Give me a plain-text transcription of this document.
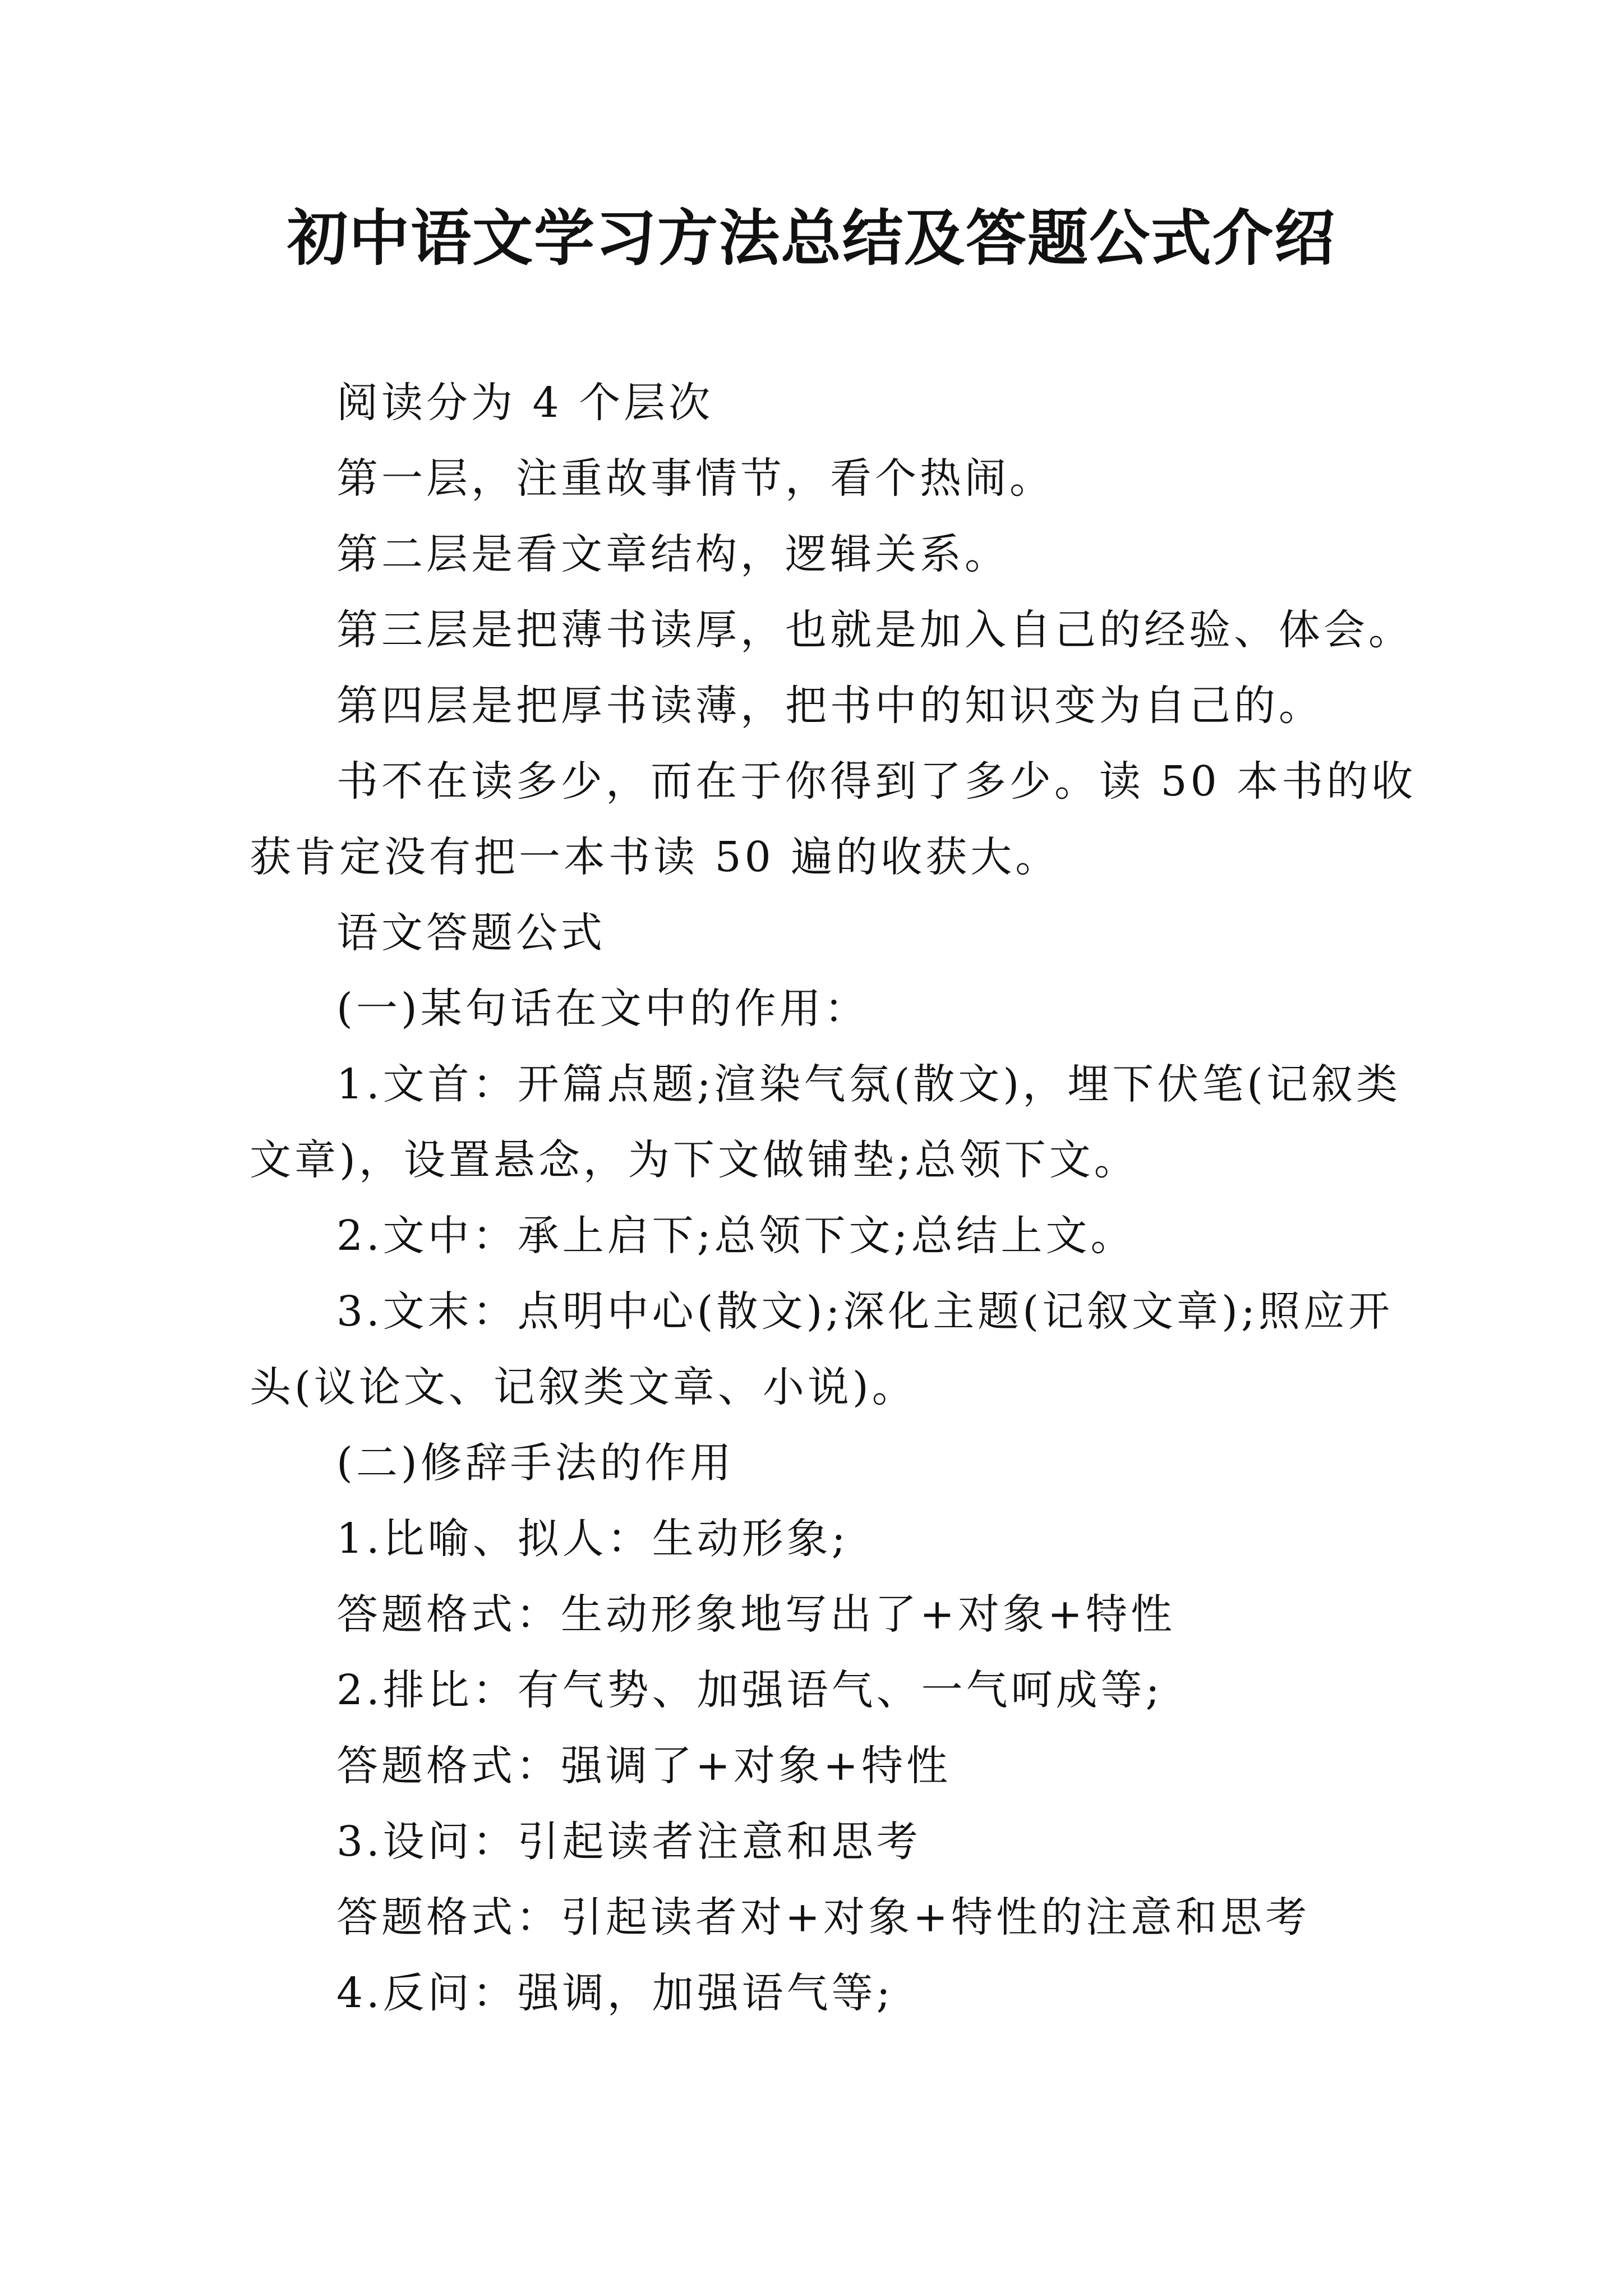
初中语文学习方法总结及答题公式介绍
阅读分为 4 个层次
第一层，注重故事情节，看个热闹。
第二层是看文章结构，逻辑关系。
第三层是把薄书读厚，也就是加入自己的经验、体会。
第四层是把厚书读薄，把书中的知识变为自己的。
书不在读多少，而在于你得到了多少。读 50 本书的收
获肯定没有把一本书读 50 遍的收获大。
语文答题公式
(一)某句话在文中的作用：
1.文首：开篇点题;渲染气氛(散文)，埋下伏笔(记叙类
文章)，设置悬念，为下文做铺垫;总领下文。
2.文中：承上启下;总领下文;总结上文。
3.文末：点明中心(散文);深化主题(记叙文章);照应开
头(议论文、记叙类文章、小说)。
(二)修辞手法的作用
1.比喻、拟人：生动形象;
答题格式：生动形象地写出了+对象+特性
2.排比：有气势、加强语气、一气呵成等;
答题格式：强调了+对象+特性
3.设问：引起读者注意和思考
答题格式：引起读者对+对象+特性的注意和思考
4.反问：强调，加强语气等;
